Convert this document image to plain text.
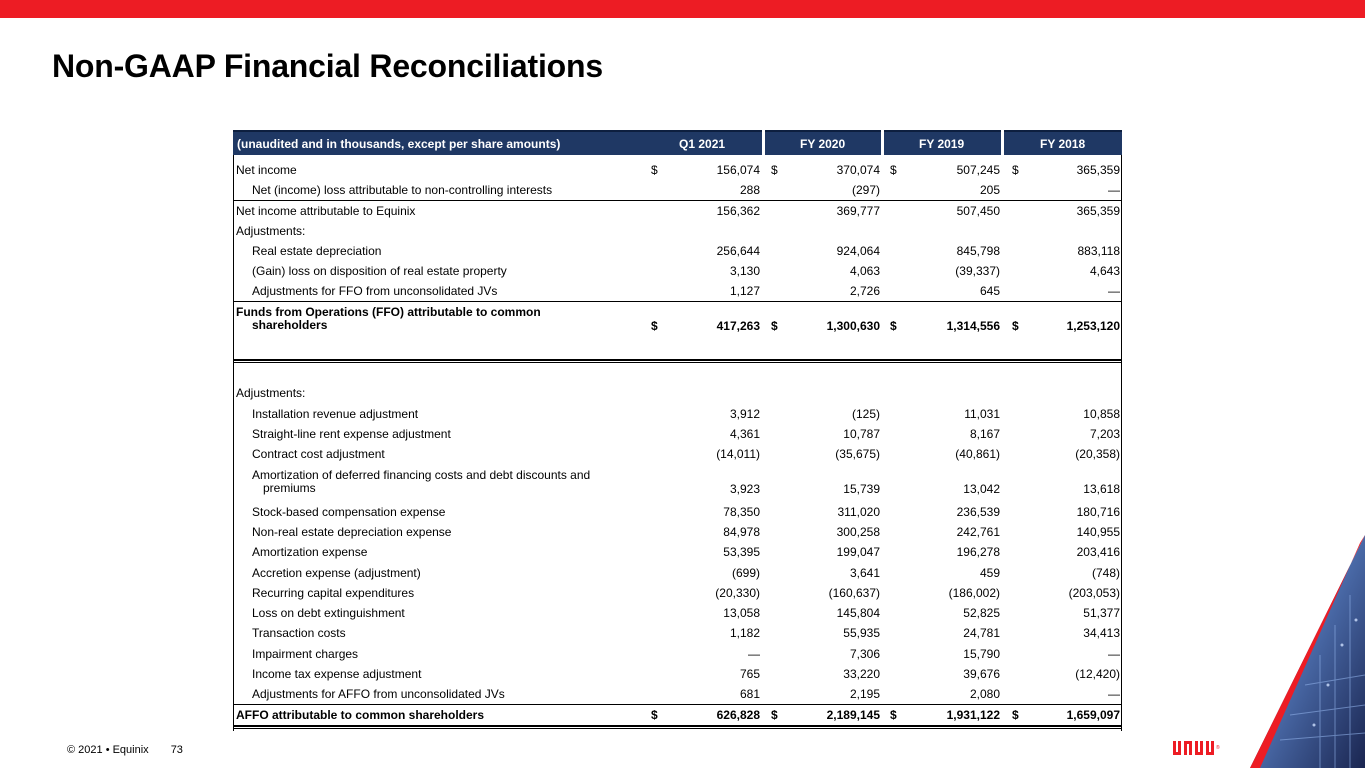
Non-GAAP Financial Reconciliations
(unaudited and in thousands, except per share amounts)	Q1 2021	FY 2020	FY 2019	FY 2018
Net income	$	156,074 $	370,074 $	507,245 $	365,359
Net (income) loss attributable to non-controlling interests	288	(297)	205	—
Net income attributable to Equinix	156,362	369,777	507,450	365,359
Adjustments:
Real estate depreciation	256,644	924,064	845,798	883,118
(Gain) loss on disposition of real estate property	3,130	4,063	(39,337)	4,643
Adjustments for FFO from unconsolidated JVs	1,127	2,726	645	—
Funds from Operations (FFO) attributable to common
shareholders	$	417,263 $	1,300,630 $	1,314,556 $	1,253,120
Adjustments:
Installation revenue adjustment	3,912	(125)	11,031	10,858
Straight-line rent expense adjustment	4,361	10,787	8,167	7,203
Contract cost adjustment	(14,011)	(35,675)	(40,861)	(20,358)
Amortization of deferred financing costs and debt discounts and
premiums	3,923	15,739	13,042	13,618
Stock-based compensation expense	78,350	311,020	236,539	180,716
Non-real estate depreciation expense	84,978	300,258	242,761	140,955
Amortization expense	53,395	199,047	196,278	203,416
Accretion expense (adjustment)	(699)	3,641	459	(748)
Recurring capital expenditures	(20,330)	(160,637)	(186,002)	(203,053)
Loss on debt extinguishment	13,058	145,804	52,825	51,377
Transaction costs	1,182	55,935	24,781	34,413
Impairment charges	—	7,306	15,790	—
Income tax expense adjustment	765	33,220	39,676	(12,420)
Adjustments for AFFO from unconsolidated JVs	681	2,195	2,080	—
AFFO attributable to common shareholders	$	626,828 $	2,189,145 $	1,931,122 $	1,659,097
© 2021 • Equinix 73	®
